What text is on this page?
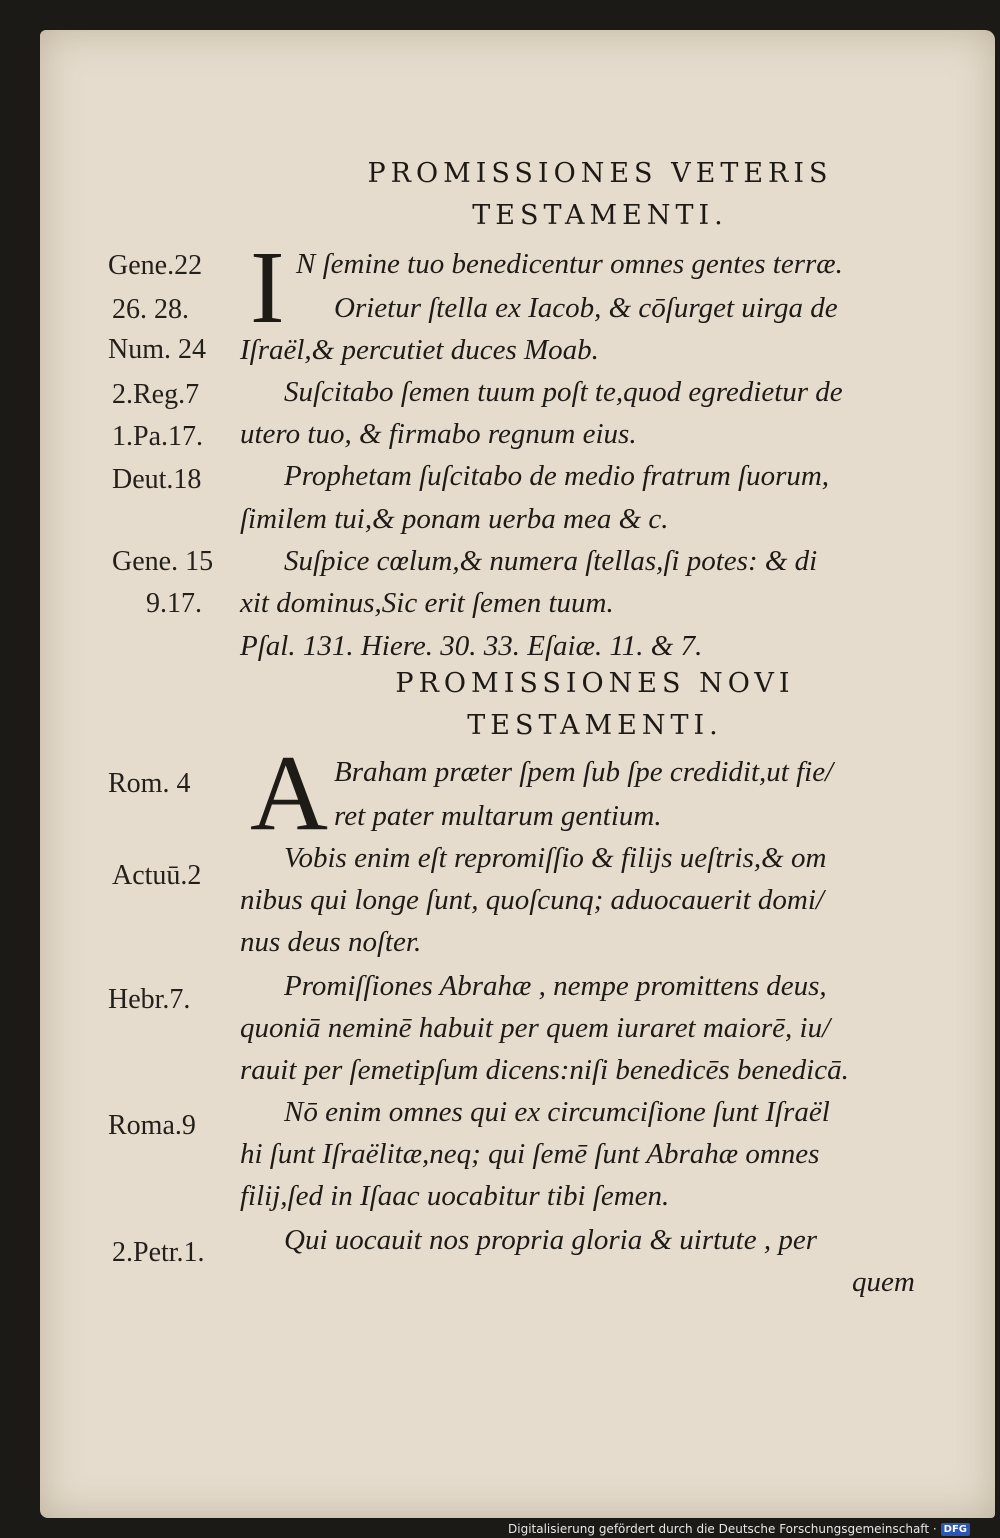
PROMISSIONES VETERIS
TESTAMENTI.
PROMISSIONES NOVI
TESTAMENTI.
Gene.22
26. 28.
Num. 24
2.Reg.7
1.Pa.17.
Deut.18
Gene. 15
9.17.
Rom. 4
Actuū.2
Hebr.7.
Roma.9
2.Petr.1.
I
A
N ſemine tuo benedicentur omnes gentes terræ.
Orietur ſtella ex Iacob, & cōſurget uirga de
Iſraël,& percutiet duces Moab.
Suſcitabo ſemen tuum poſt te,quod egredietur de
utero tuo, & firmabo regnum eius.
Prophetam ſuſcitabo de medio fratrum ſuorum,
ſimilem tui,& ponam uerba mea & c.
Suſpice cœlum,& numera ſtellas,ſi potes: & di
xit dominus,Sic erit ſemen tuum.
Pſal. 131. Hiere. 30. 33. Eſaiæ. 11. & 7.
Braham præter ſpem ſub ſpe credidit,ut fie/
ret pater multarum gentium.
Vobis enim eſt repromiſſio & filijs ueſtris,& om
nibus qui longe ſunt, quoſcunq; aduocauerit domi/
nus deus noſter.
Promiſſiones Abrahæ , nempe promittens deus,
quoniā neminē habuit per quem iuraret maiorē, iu/
rauit per ſemetipſum dicens:niſi benedicēs benedicā.
Nō enim omnes qui ex circumciſione ſunt Iſraël
hi ſunt Iſraëlitæ,neq; qui ſemē ſunt Abrahæ omnes
filij,ſed in Iſaac uocabitur tibi ſemen.
Qui uocauit nos propria gloria & uirtute , per
quem
Digitalisierung gefördert durch die Deutsche Forschungsgemeinschaft · DFG
